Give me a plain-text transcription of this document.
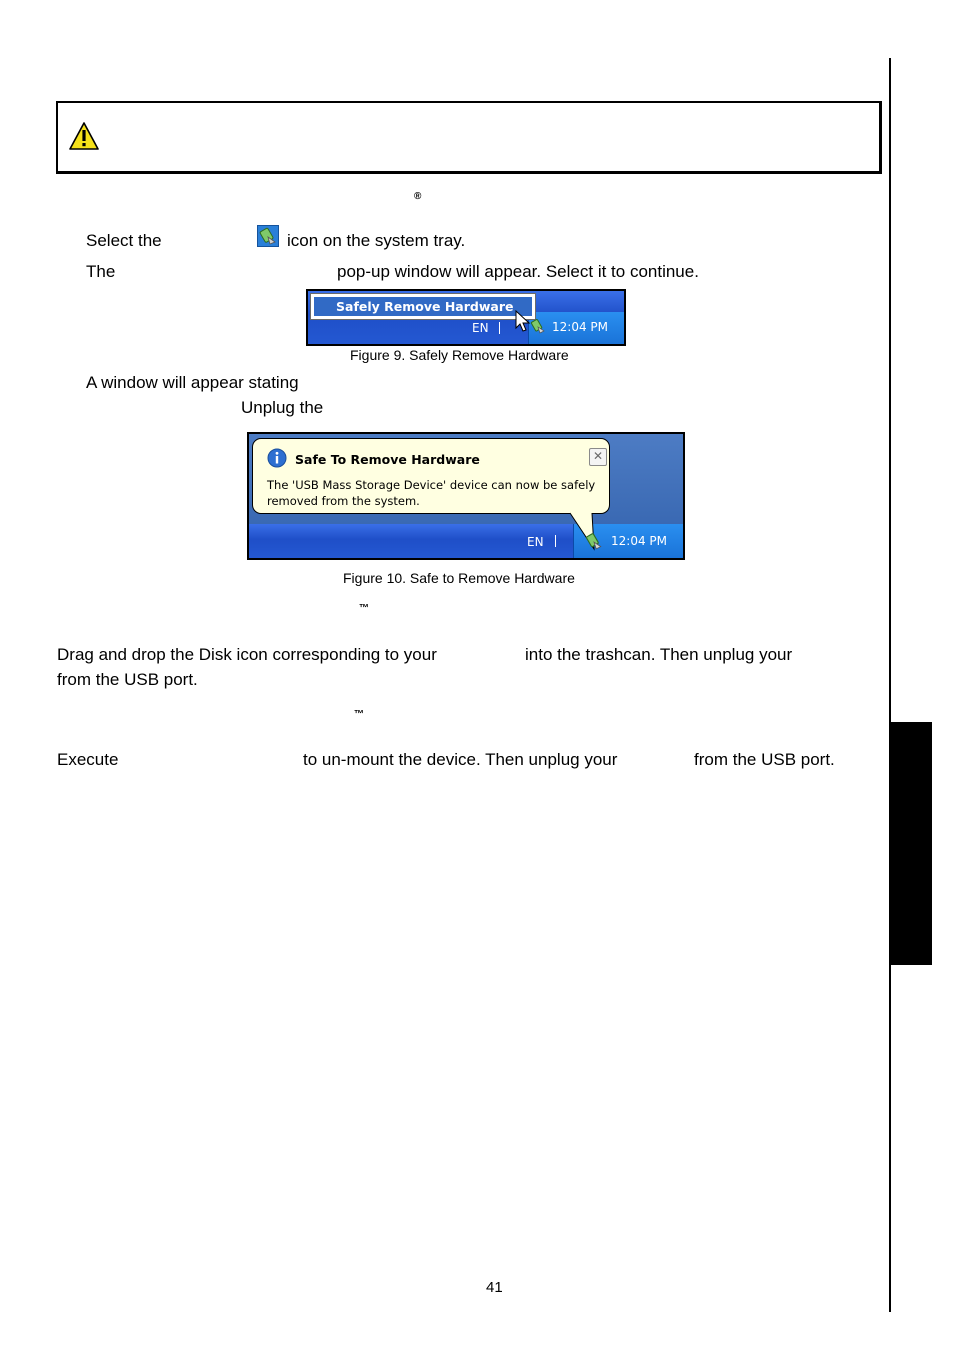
®
Select the	icon on the system tray.
The	pop-up window will appear. Select it to continue.
Safely Remove Hardware
EN	12:04 PM
Figure 9. Safely Remove Hardware
A window will appear stating
Unplug the
Safe To Remove Hardware	✕
The 'USB Mass Storage Device' device can now be safely removed from the system.
EN	12:04 PM
Figure 10. Safe to Remove Hardware
™
Drag and drop the Disk icon corresponding to your	into the trashcan. Then unplug your
from the USB port.
™
Execute	to un-mount the device. Then unplug your	from the USB port.
41
